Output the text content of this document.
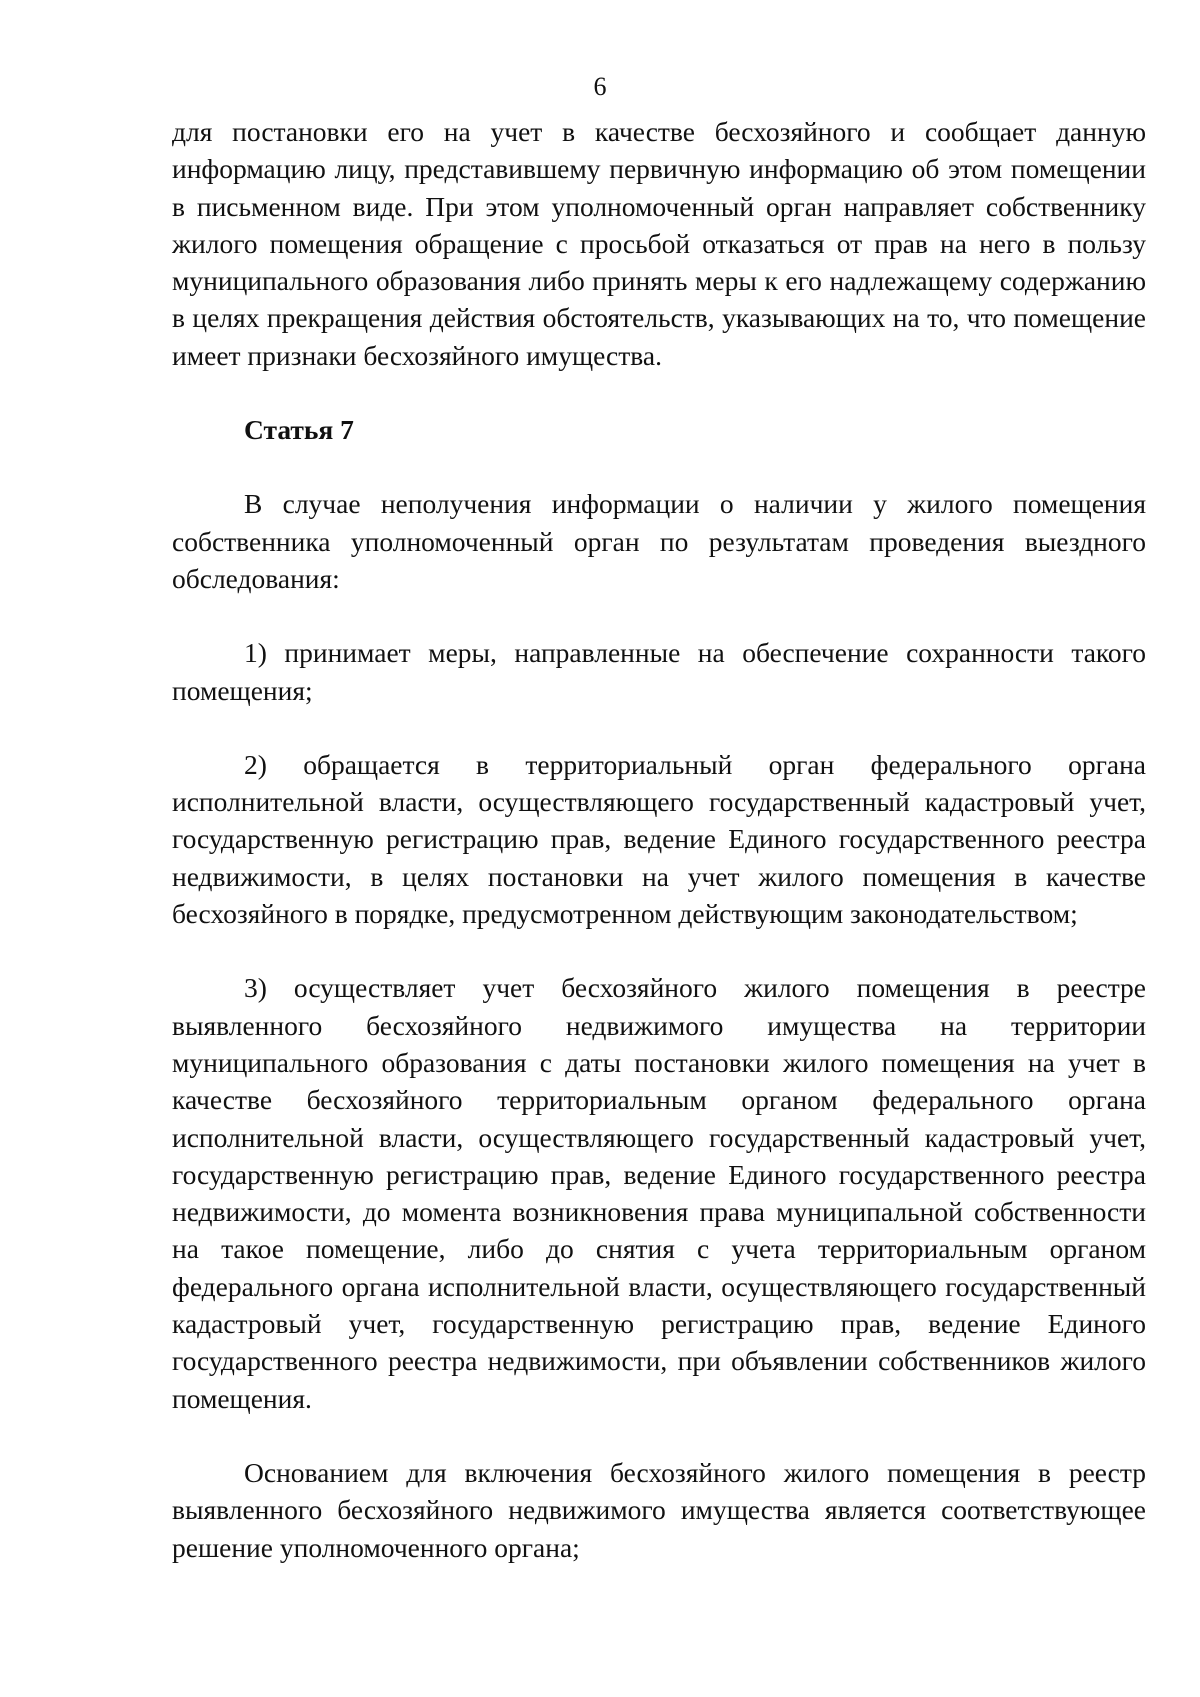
6

для постановки его на учет в качестве бесхозяйного и сообщает данную информацию лицу, представившему первичную информацию об этом помещении в письменном виде. При этом уполномоченный орган направляет собственнику жилого помещения обращение с просьбой отказаться от прав на него в пользу муниципального образования либо принять меры к его надлежащему содержанию в целях прекращения действия обстоятельств, указывающих на то, что помещение имеет признаки бесхозяйного имущества.

Статья 7

В случае неполучения информации о наличии у жилого помещения собственника уполномоченный орган по результатам проведения выездного обследования:

1) принимает меры, направленные на обеспечение сохранности такого помещения;

2) обращается в территориальный орган федерального органа исполнительной власти, осуществляющего государственный кадастровый учет, государственную регистрацию прав, ведение Единого государственного реестра недвижимости, в целях постановки на учет жилого помещения в качестве бесхозяйного в порядке, предусмотренном действующим законодательством;

3) осуществляет учет бесхозяйного жилого помещения в реестре выявленного бесхозяйного недвижимого имущества на территории муниципального образования с даты постановки жилого помещения на учет в качестве бесхозяйного территориальным органом федерального органа исполнительной власти, осуществляющего государственный кадастровый учет, государственную регистрацию прав, ведение Единого государственного реестра недвижимости, до момента возникновения права муниципальной собственности на такое помещение, либо до снятия с учета территориальным органом федерального органа исполнительной власти, осуществляющего государственный кадастровый учет, государственную регистрацию прав, ведение Единого государственного реестра недвижимости, при объявлении собственников жилого помещения.

Основанием для включения бесхозяйного жилого помещения в реестр выявленного бесхозяйного недвижимого имущества является соответствующее решение уполномоченного органа;
